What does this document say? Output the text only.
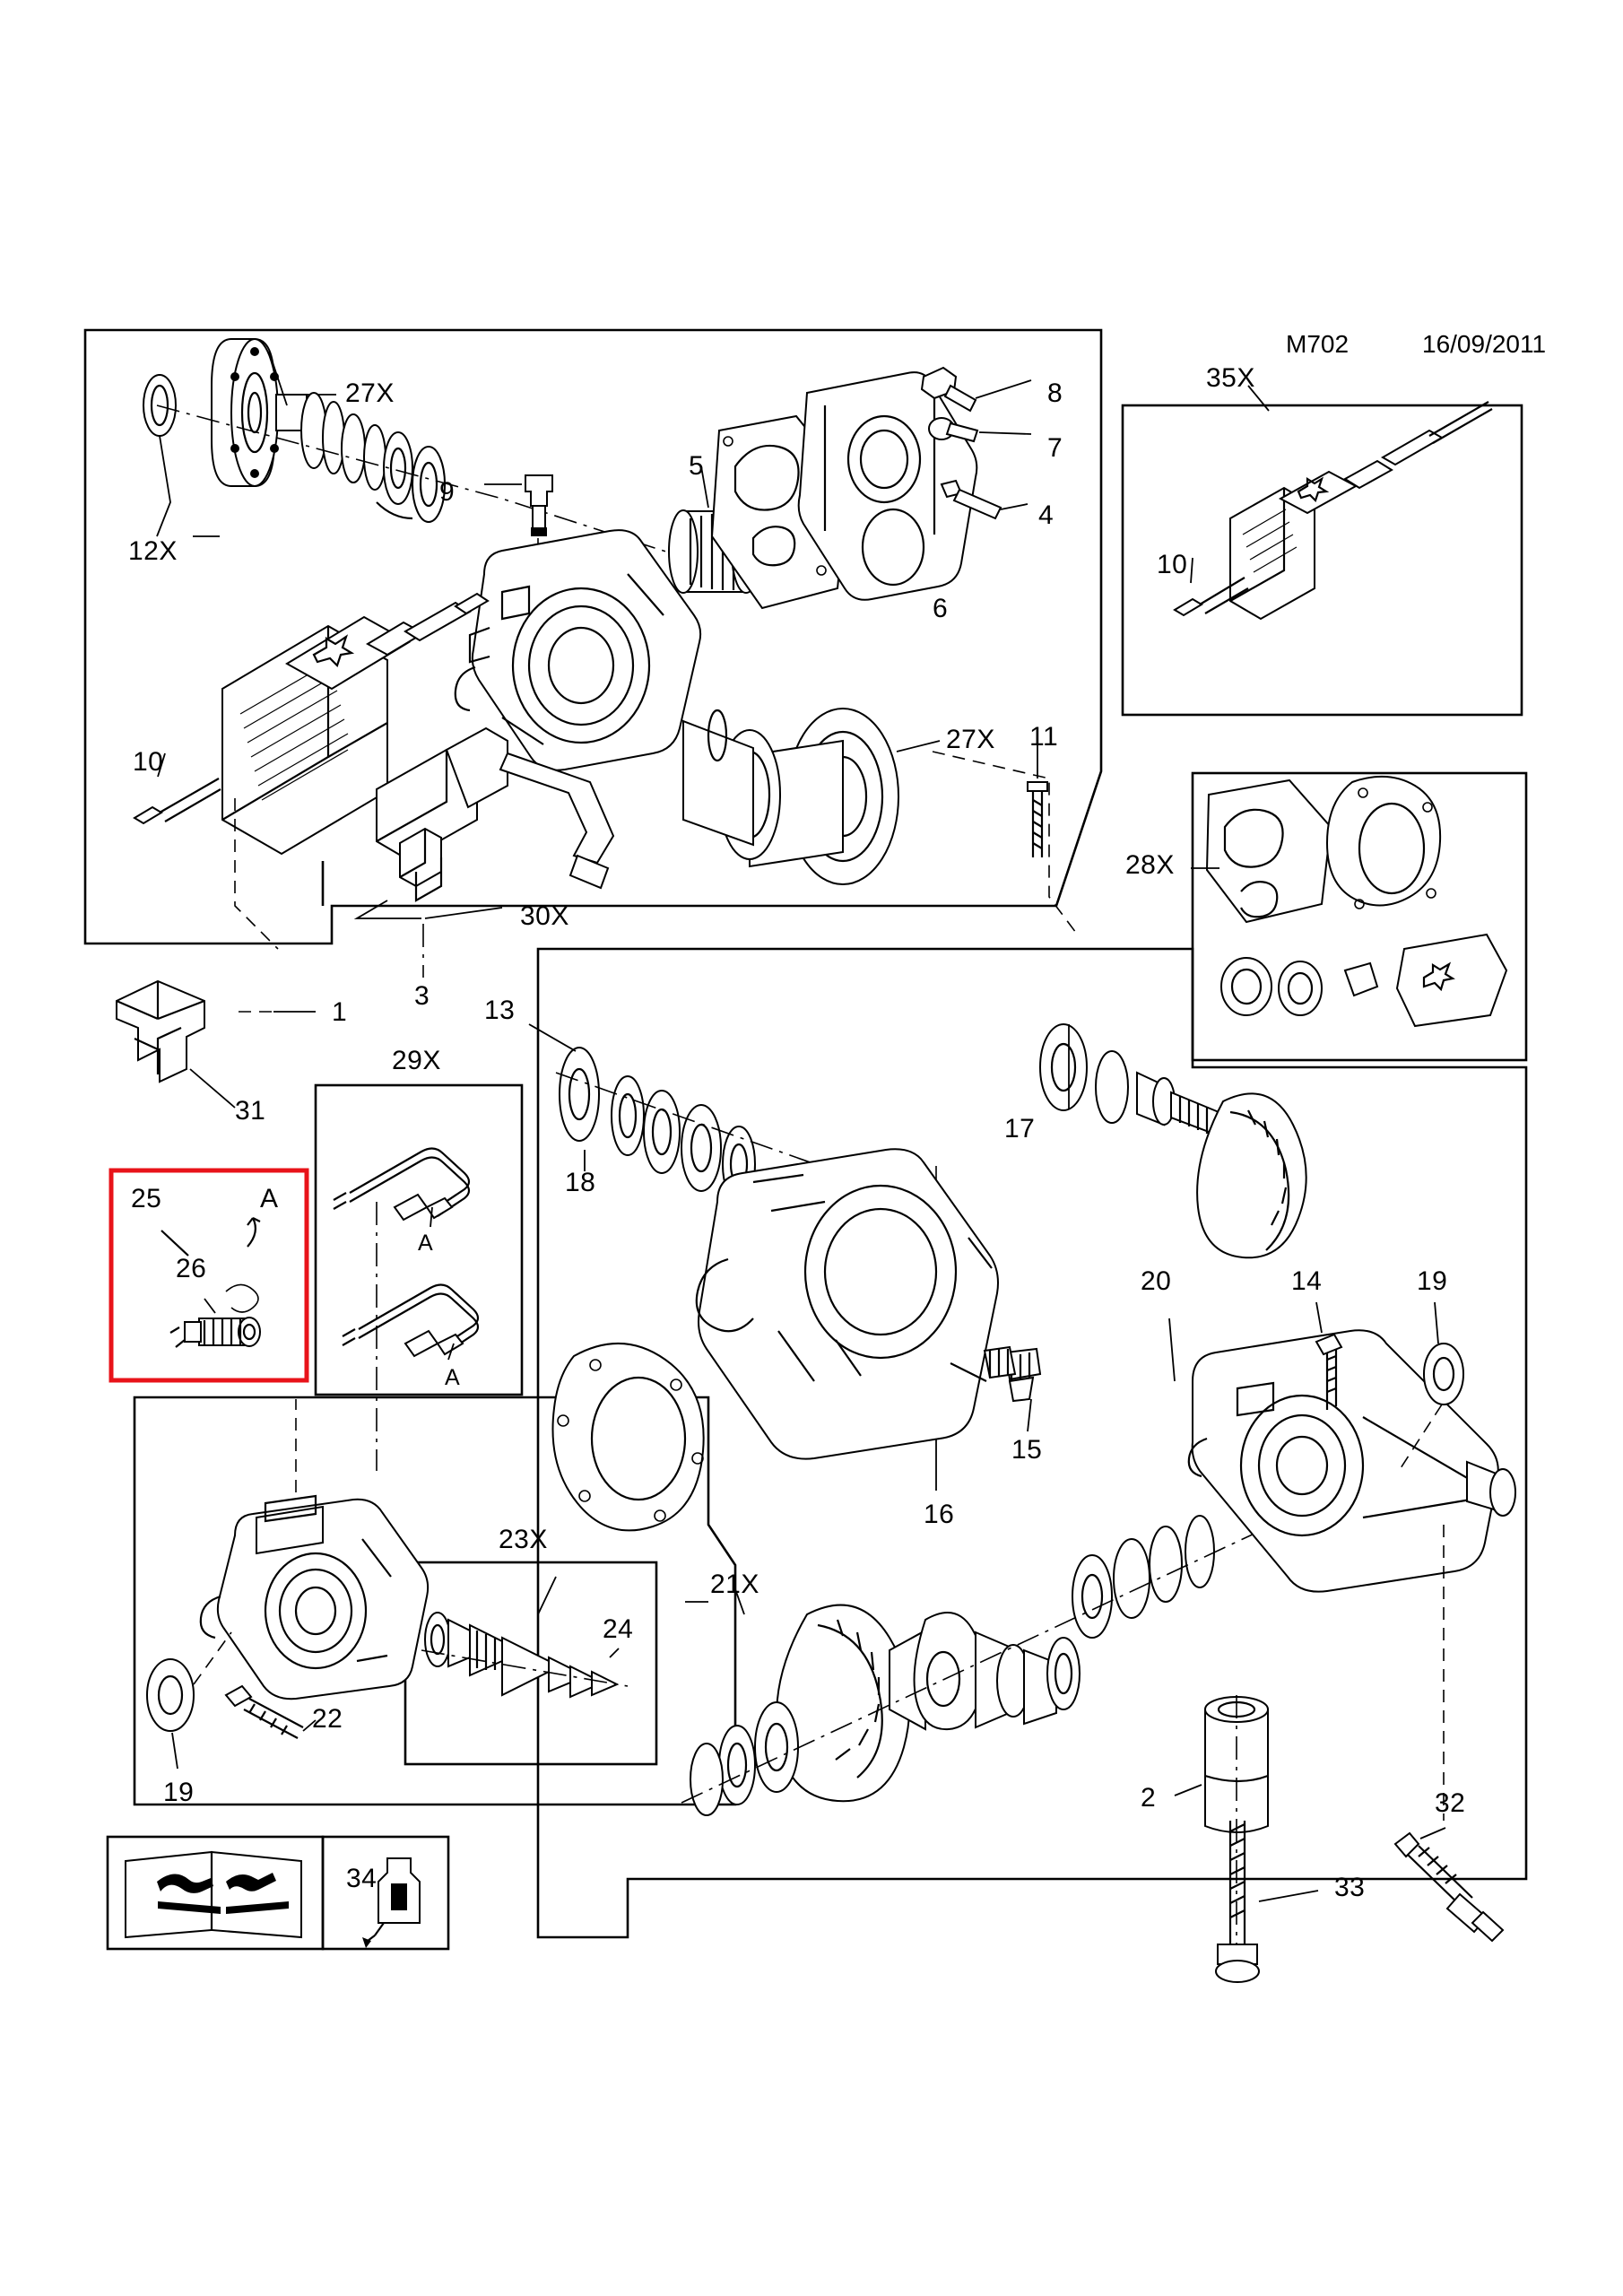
M702	16/09/2011
27X	8
35X
9
5
7
12X
4
10
6
10
27X 11
28X
30X
3
1	13
29X
31
18
17
25	A
26
A
A
20	14	19
15
16
23X
21X
24
22
19	2	32
33
34
